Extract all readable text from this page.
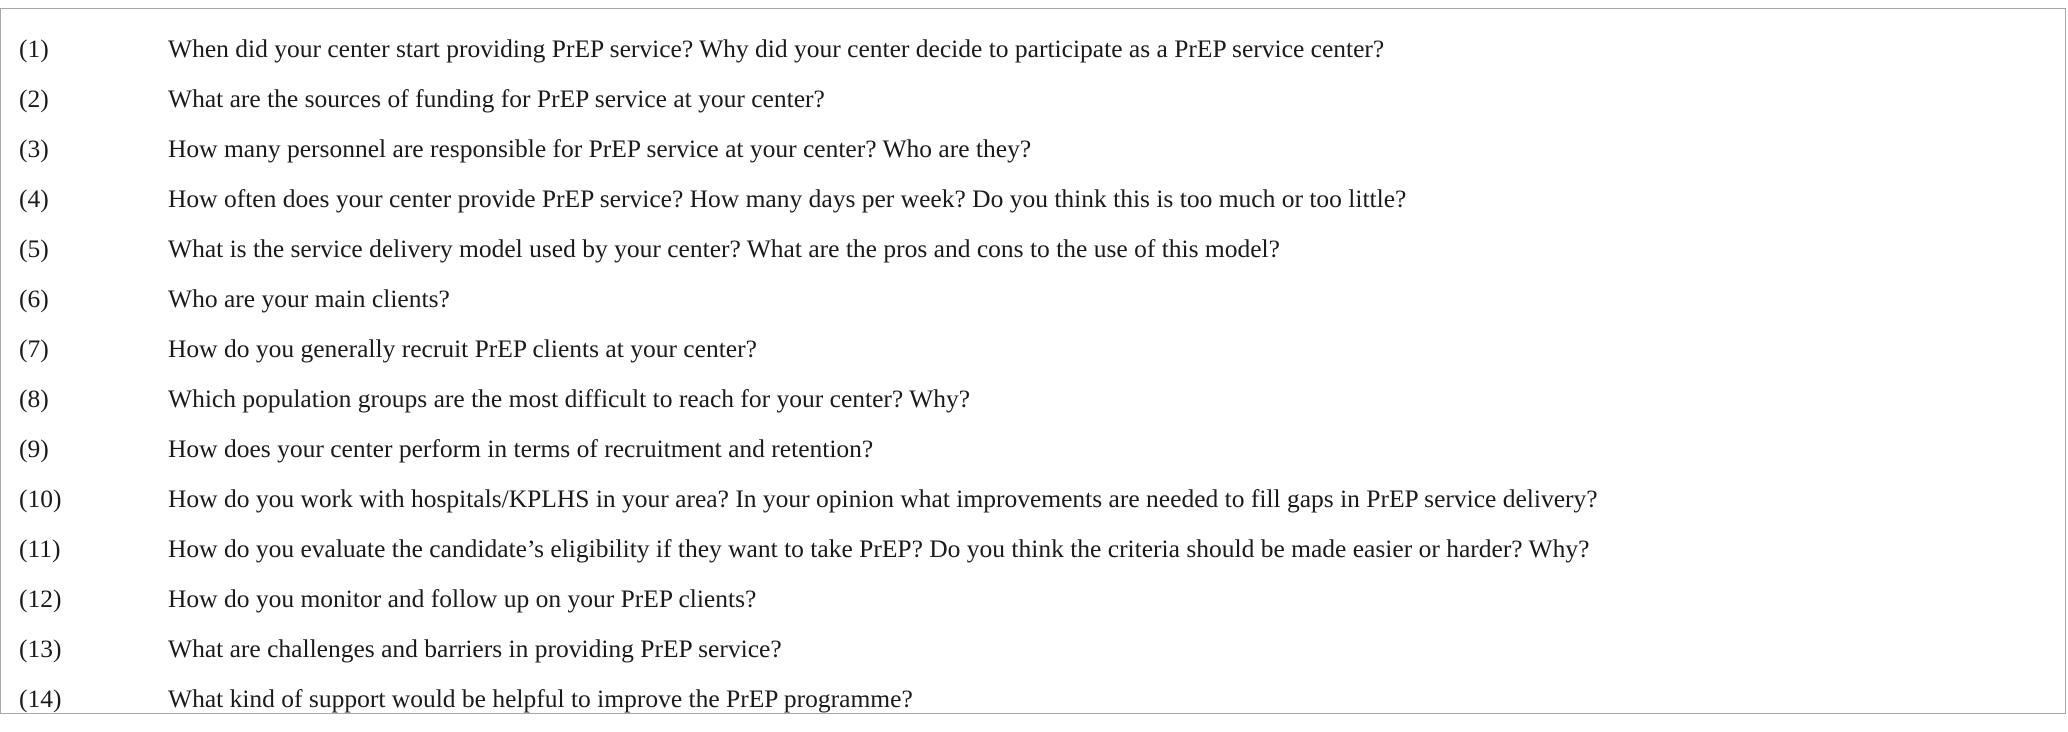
(1)	When did your center start providing PrEP service? Why did your center decide to participate as a PrEP service center?
(2)	What are the sources of funding for PrEP service at your center?
(3)	How many personnel are responsible for PrEP service at your center? Who are they?
(4)	How often does your center provide PrEP service? How many days per week? Do you think this is too much or too little?
(5)	What is the service delivery model used by your center? What are the pros and cons to the use of this model?
(6)	Who are your main clients?
(7)	How do you generally recruit PrEP clients at your center?
(8)	Which population groups are the most difficult to reach for your center? Why?
(9)	How does your center perform in terms of recruitment and retention?
(10)	How do you work with hospitals/KPLHS in your area? In your opinion what improvements are needed to fill gaps in PrEP service delivery?
(11)	How do you evaluate the candidate’s eligibility if they want to take PrEP? Do you think the criteria should be made easier or harder? Why?
(12)	How do you monitor and follow up on your PrEP clients?
(13)	What are challenges and barriers in providing PrEP service?
(14)	What kind of support would be helpful to improve the PrEP programme?
